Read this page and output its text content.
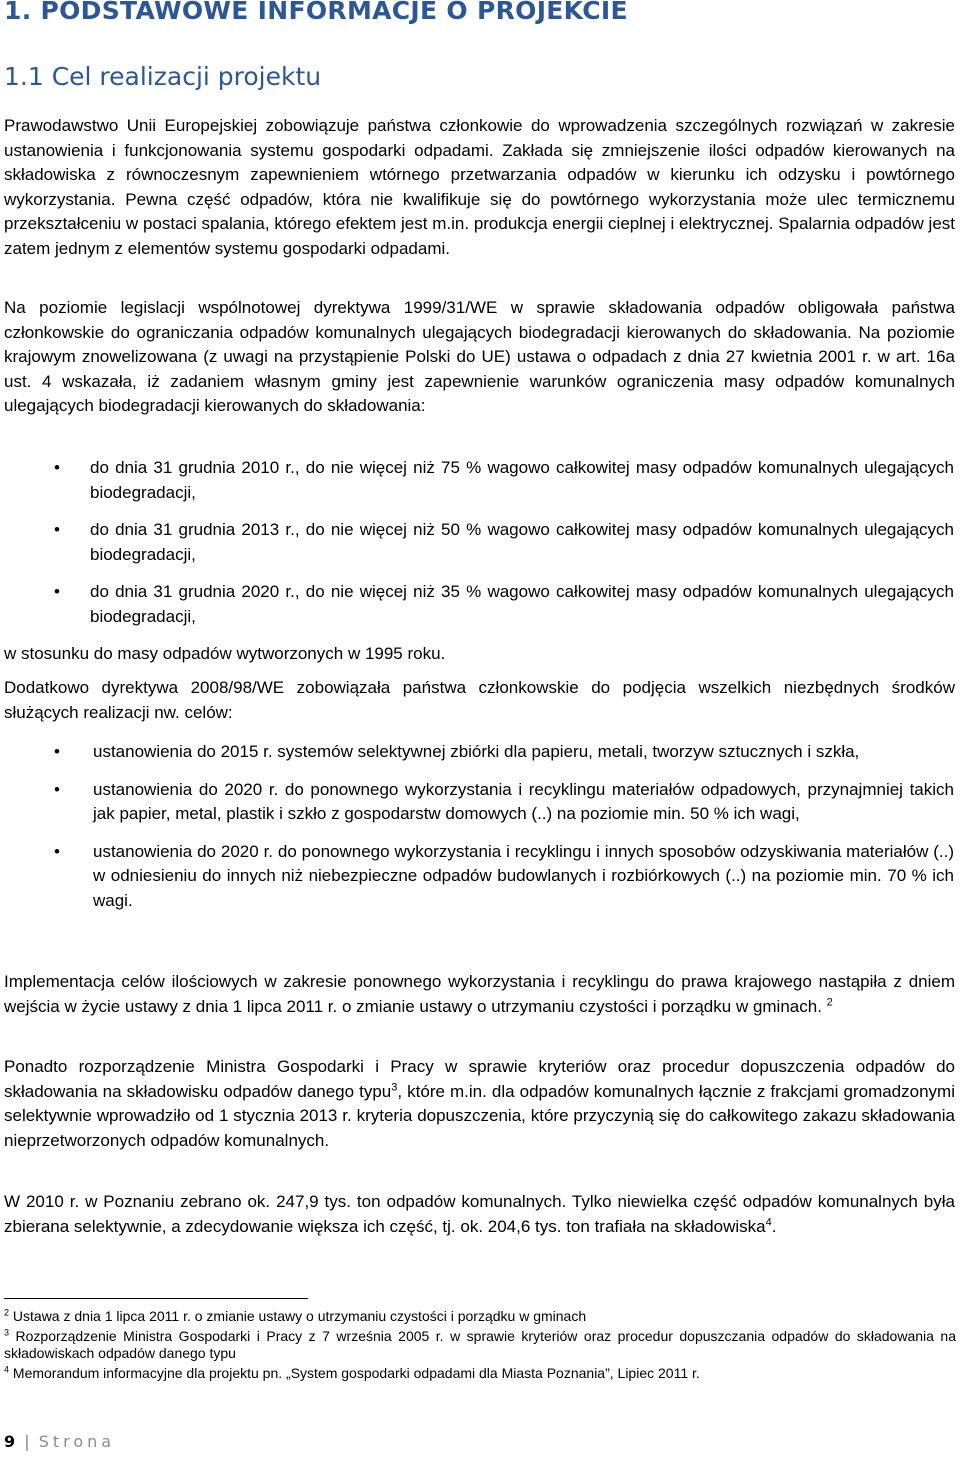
1. PODSTAWOWE INFORMACJE O PROJEKCIE
1.1 Cel realizacji projektu
Prawodawstwo Unii Europejskiej zobowiązuje państwa członkowie do wprowadzenia szczególnych rozwiązań w zakresie ustanowienia i funkcjonowania systemu gospodarki odpadami. Zakłada się zmniejszenie ilości odpadów kierowanych na składowiska z równoczesnym zapewnieniem wtórnego przetwarzania odpadów w kierunku ich odzysku i powtórnego wykorzystania. Pewna część odpadów, która nie kwalifikuje się do powtórnego wykorzystania może ulec termicznemu przekształceniu w postaci spalania, którego efektem jest m.in. produkcja energii cieplnej i elektrycznej. Spalarnia odpadów jest zatem jednym z elementów systemu gospodarki odpadami.
Na poziomie legislacji wspólnotowej dyrektywa 1999/31/WE w sprawie składowania odpadów obligowała państwa członkowskie do ograniczania odpadów komunalnych ulegających biodegradacji kierowanych do składowania. Na poziomie krajowym znowelizowana (z uwagi na przystąpienie Polski do UE) ustawa o odpadach z dnia 27 kwietnia 2001 r. w art. 16a ust. 4 wskazała, iż zadaniem własnym gminy jest zapewnienie warunków ograniczenia masy odpadów komunalnych ulegających biodegradacji kierowanych do składowania:
• do dnia 31 grudnia 2010 r., do nie więcej niż 75 % wagowo całkowitej masy odpadów komunalnych ulegających biodegradacji,
• do dnia 31 grudnia 2013 r., do nie więcej niż 50 % wagowo całkowitej masy odpadów komunalnych ulegających biodegradacji,
• do dnia 31 grudnia 2020 r., do nie więcej niż 35 % wagowo całkowitej masy odpadów komunalnych ulegających biodegradacji,
w stosunku do masy odpadów wytworzonych w 1995 roku.
Dodatkowo dyrektywa 2008/98/WE zobowiązała państwa członkowskie do podjęcia wszelkich niezbędnych środków służących realizacji nw. celów:
• ustanowienia do 2015 r. systemów selektywnej zbiórki dla papieru, metali, tworzyw sztucznych i szkła,
• ustanowienia do 2020 r. do ponownego wykorzystania i recyklingu materiałów odpadowych, przynajmniej takich jak papier, metal, plastik i szkło z gospodarstw domowych (..) na poziomie min. 50 % ich wagi,
• ustanowienia do 2020 r. do ponownego wykorzystania i recyklingu i innych sposobów odzyskiwania materiałów (..) w odniesieniu do innych niż niebezpieczne odpadów budowlanych i rozbiórkowych (..) na poziomie min. 70 % ich wagi.
Implementacja celów ilościowych w zakresie ponownego wykorzystania i recyklingu do prawa krajowego nastąpiła z dniem wejścia w życie ustawy z dnia 1 lipca 2011 r. o zmianie ustawy o utrzymaniu czystości i porządku w gminach. $^2$
Ponadto rozporządzenie Ministra Gospodarki i Pracy w sprawie kryteriów oraz procedur dopuszczenia odpadów do składowania na składowisku odpadów danego typu$^3$, które m.in. dla odpadów komunalnych łącznie z frakcjami gromadzonymi selektywnie wprowadziło od 1 stycznia 2013 r. kryteria dopuszczenia, które przyczynią się do całkowitego zakazu składowania nieprzetworzonych odpadów komunalnych.
W 2010 r. w Poznaniu zebrano ok. 247,9 tys. ton odpadów komunalnych. Tylko niewielka część odpadów komunalnych była zbierana selektywnie, a zdecydowanie większa ich część, tj. ok. 204,6 tys. ton trafiała na składowiska$^4$.
$^2$ Ustawa z dnia 1 lipca 2011 r. o zmianie ustawy o utrzymaniu czystości i porządku w gminach
$^3$ Rozporządzenie Ministra Gospodarki i Pracy z 7 września 2005 r. w sprawie kryteriów oraz procedur dopuszczania odpadów do składowania na składowiskach odpadów danego typu
$^4$ Memorandum informacyjne dla projektu pn. „System gospodarki odpadami dla Miasta Poznania”, Lipiec 2011 r.
9 | Strona
